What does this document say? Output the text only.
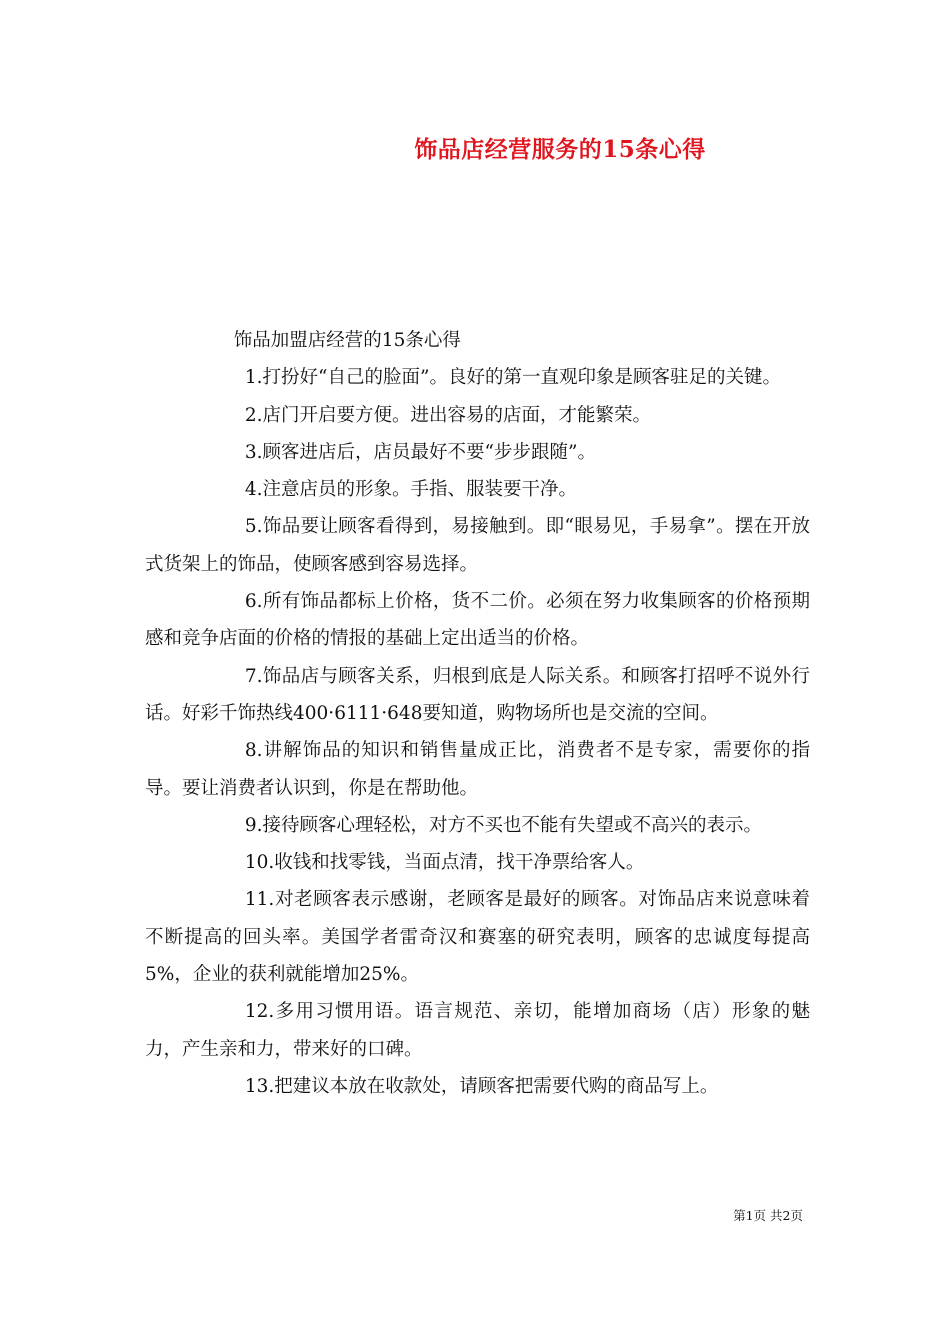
饰品店经营服务的15条心得

饰品加盟店经营的15条心得

1.打扮好“自己的脸面”。良好的第一直观印象是顾客驻足的关键。

2.店门开启要方便。进出容易的店面，才能繁荣。

3.顾客进店后，店员最好不要“步步跟随”。

4.注意店员的形象。手指、服装要干净。

5.饰品要让顾客看得到，易接触到。即“眼易见，手易拿”。摆在开放式货架上的饰品，使顾客感到容易选择。

6.所有饰品都标上价格，货不二价。必须在努力收集顾客的价格预期感和竞争店面的价格的情报的基础上定出适当的价格。

7.饰品店与顾客关系，归根到底是人际关系。和顾客打招呼不说外行话。好彩千饰热线400·6111·648要知道，购物场所也是交流的空间。

8.讲解饰品的知识和销售量成正比，消费者不是专家，需要你的指导。要让消费者认识到，你是在帮助他。

9.接待顾客心理轻松，对方不买也不能有失望或不高兴的表示。

10.收钱和找零钱，当面点清，找干净票给客人。

11.对老顾客表示感谢，老顾客是最好的顾客。对饰品店来说意味着不断提高的回头率。美国学者雷奇汉和赛塞的研究表明，顾客的忠诚度每提高5%，企业的获利就能增加25%。

12.多用习惯用语。语言规范、亲切，能增加商场（店）形象的魅力，产生亲和力，带来好的口碑。

13.把建议本放在收款处，请顾客把需要代购的商品写上。

第1页 共2页
